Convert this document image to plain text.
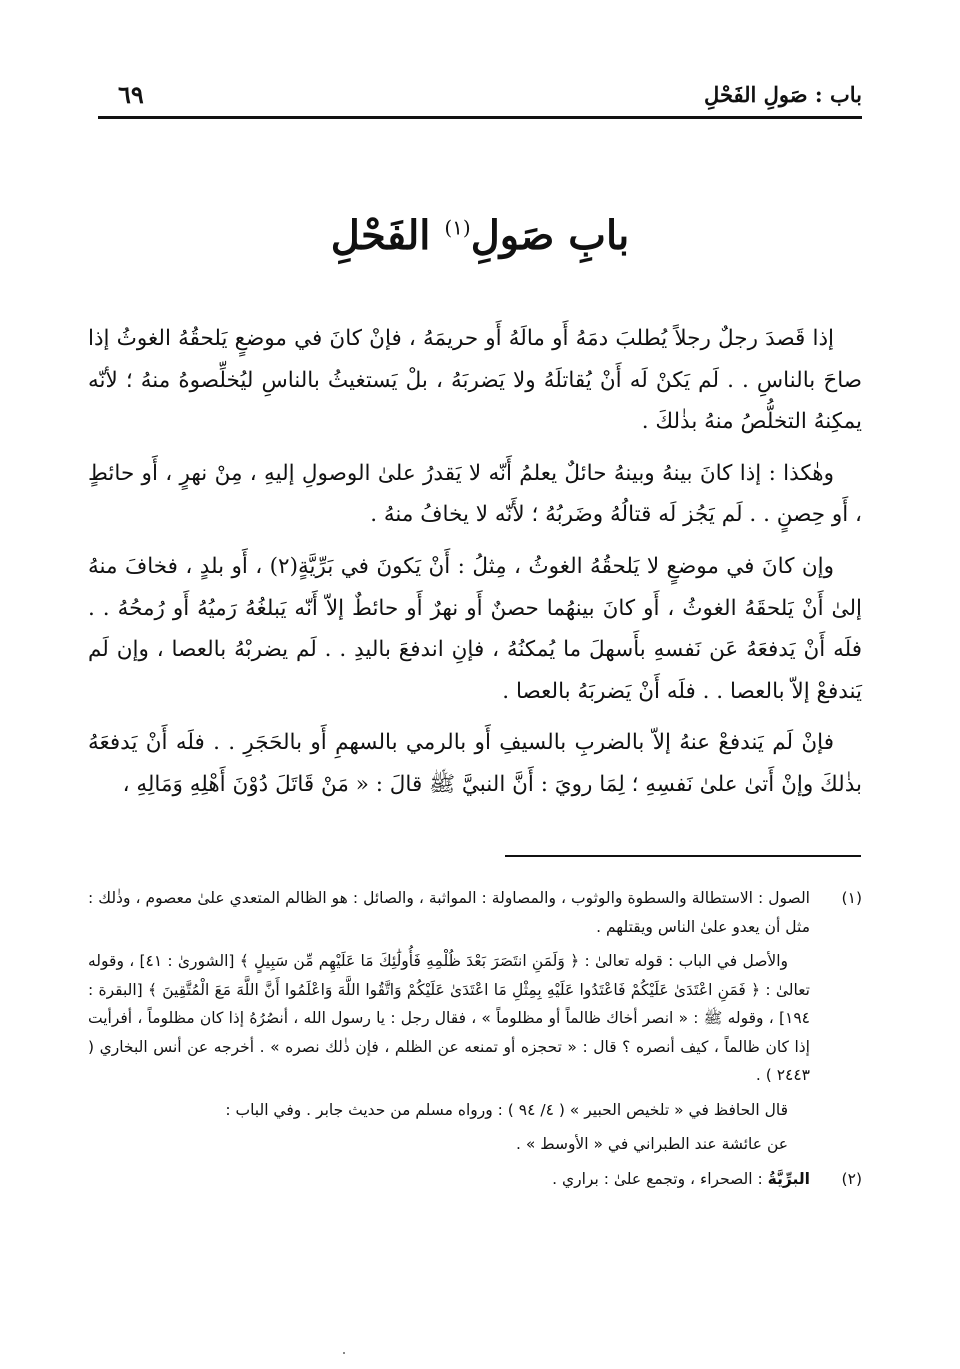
باب : صَولِ الفَحْلِ
٦٩
بابِ صَولِ$^{(١)}$ الفَحْلِ

إذا قَصدَ رجلٌ رجلاً يُطلبَ دمَهُ أَو مالَهُ أَو حريمَهُ ، فإنْ كانَ في موضعٍ يَلحقُهُ الغوثُ إذا صاحَ بالناسِ . . لَم يَكنْ لَه أَنْ يُقاتلَهُ ولا يَضربَهُ ، بلْ يَستغيثُ بالناسِ ليُخلِّصوهُ منهُ ؛ لأنّه يمكِنهُ التخلُّصُ منهُ بذٰلكَ .

وهٰكذا : إذا كانَ بينهُ وبينهُ حائلٌ يعلمُ أَنّه لا يَقدرُ علىٰ الوصولِ إليهِ ، مِنْ نهرٍ ، أَو حائطٍ ، أَو حِصنٍ . . لَم يَجُز لَه قتالُهُ وضَربُهُ ؛ لأَنّه لا يخافُ منهُ .

وإن كانَ في موضعٍ لا يَلحقُهُ الغوثُ ، مِثلُ : أَنْ يَكونَ في بَرِّيَّةٍ(٢) ، أَو بلدٍ ، فخافَ منهُ إلىٰ أَنْ يَلحقَهُ الغوثُ ، أَو كانَ بينهُما حصنٌ أَو نهرٌ أَو حائطٌ إلاّ أَنّه يَبلغُهُ رَميُهُ أَو رُمحُهُ . . فلَه أَنْ يَدفعَهُ عَن نَفسهِ بأَسهلَ ما يُمكنُهُ ، فإنِ اندفعَ باليدِ . . لَم يضربْهُ بالعصا ، وإن لَم يَندفعْ إلاّ بالعصا . . فلَه أَنْ يَضربَهُ بالعصا .

فإنْ لَم يَندفعْ عنهُ إلاّ بالضربِ بالسيفِ أَو بالرمي بالسهمِ أَو بالحَجَرِ . . فلَه أَنْ يَدفعَهُ بذٰلكَ وإنْ أَتىٰ علىٰ نَفسِهِ ؛ لِمَا رويَ : أَنَّ النبيَّ ﷺ قالَ : « مَنْ قَاتَلَ دُوْنَ أَهْلِهِ وَمَالِهِ ،

(١)

الصول : الاستطالة والسطوة والوثوب ، والمصاولة : المواثبة ، والصائل : هو الظالم المتعدي علىٰ معصوم ، وذٰلك : مثل أن يعدو علىٰ الناس ويقتلهم .

والأصل في الباب : قوله تعالىٰ : ﴿ وَلَمَنِ انتَصَرَ بَعْدَ ظُلْمِهِ فَأُولَٰئِكَ مَا عَلَيْهِم مِّن سَبِيلٍ ﴾ [الشورىٰ : ٤١] ، وقوله تعالىٰ : ﴿ فَمَنِ اعْتَدَىٰ عَلَيْكُمْ فَاعْتَدُوا عَلَيْهِ بِمِثْلِ مَا اعْتَدَىٰ عَلَيْكُمْ وَاتَّقُوا اللَّهَ وَاعْلَمُوا أَنَّ اللَّهَ مَعَ الْمُتَّقِينَ ﴾ [البقرة : ١٩٤] ، وقوله ﷺ : « انصر أخاك ظالماً أو مظلوماً » ، فقال رجل : يا رسول الله ، أنصُرُهُ إذا كان مظلوماً ، أفرأيت إذا كان ظالماً ، كيف أنصره ؟ قال : « تحجزه أو تمنعه عن الظلم ، فإن ذٰلك نصره » . أخرجه عن أنس البخاري ( ٢٤٤٣ ) .

قال الحافظ في « تلخيص الحبير » ( ٤/ ٩٤ ) : ورواه مسلم من حديث جابر . وفي الباب :

عن عائشة عند الطبراني في « الأوسط » .

(٢)

البرِّيَّةُ : الصحراء ، وتجمع علىٰ : براري .
